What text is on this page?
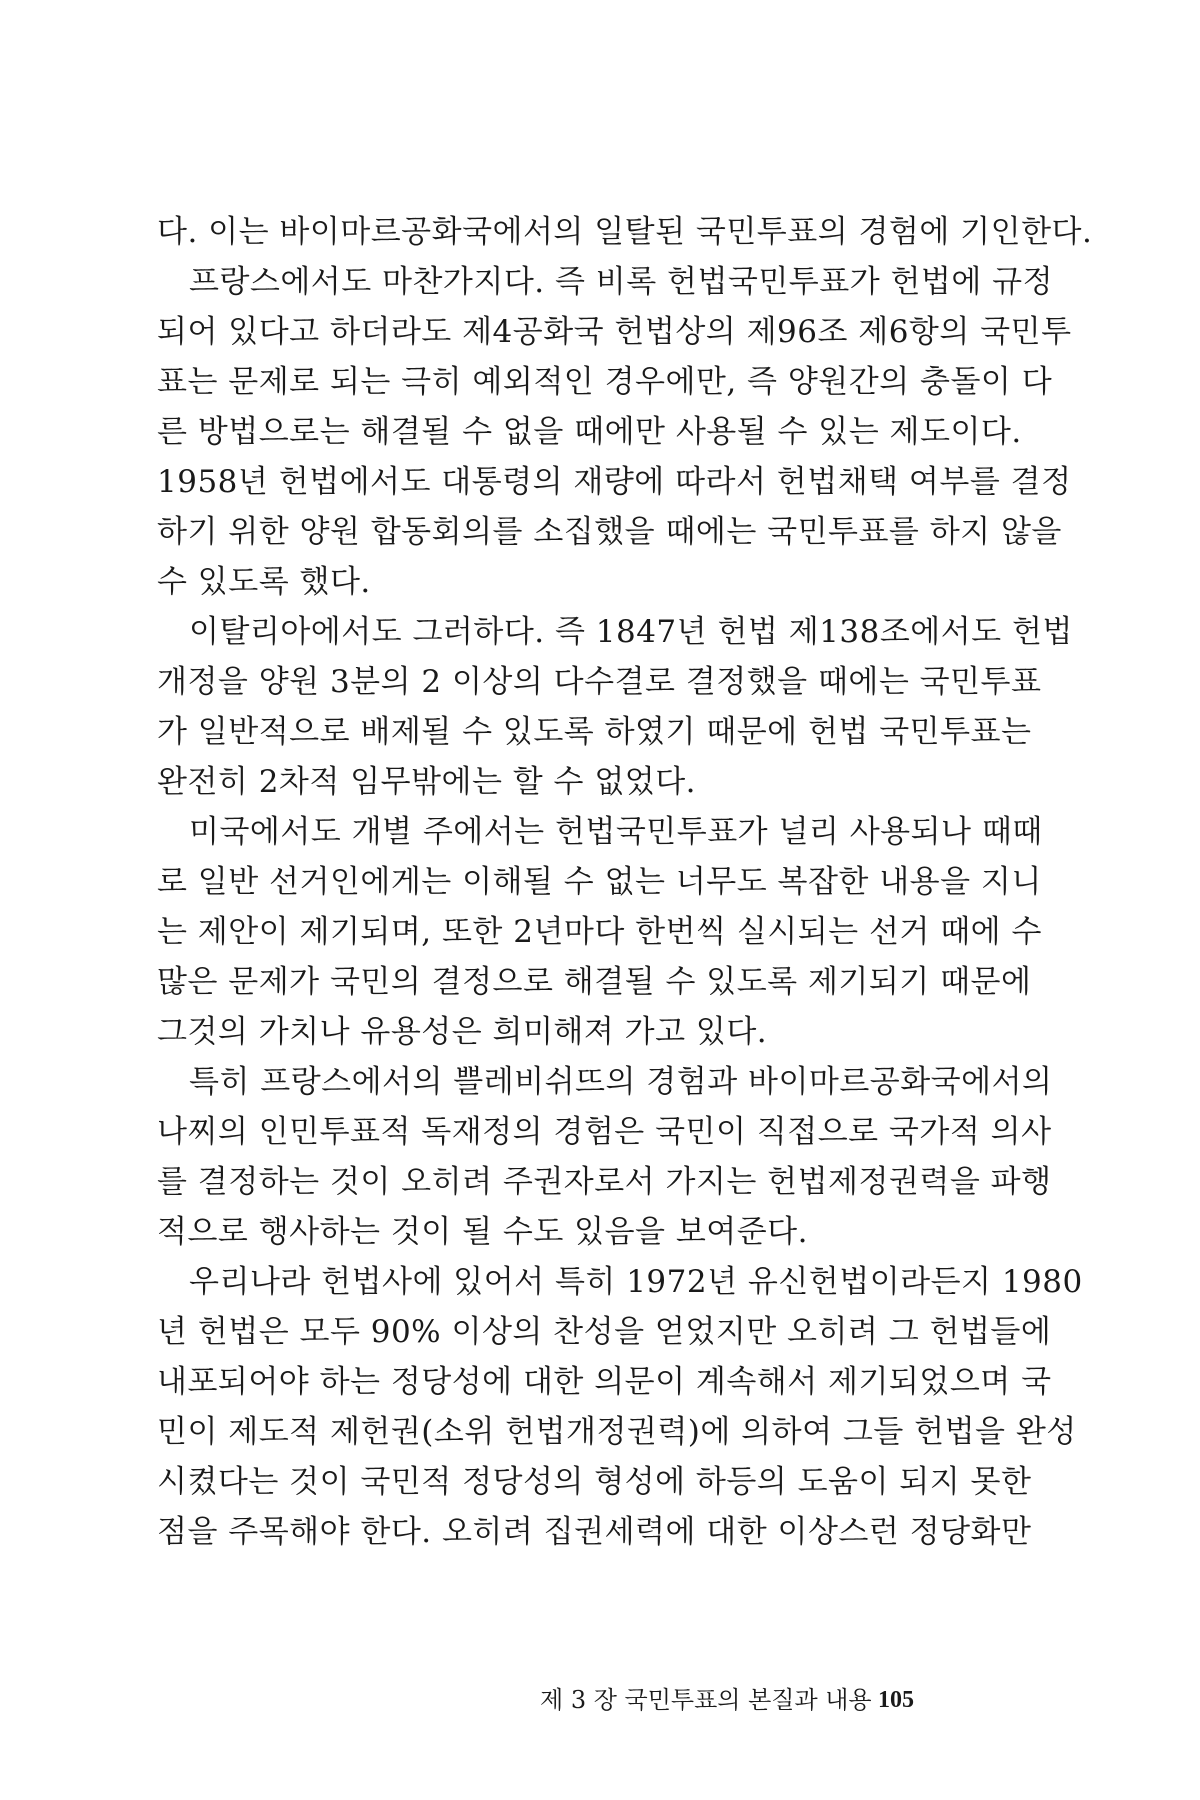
다. 이는 바이마르공화국에서의 일탈된 국민투표의 경험에 기인한다.
프랑스에서도 마찬가지다. 즉 비록 헌법국민투표가 헌법에 규정
되어 있다고 하더라도 제4공화국 헌법상의 제96조 제6항의 국민투
표는 문제로 되는 극히 예외적인 경우에만, 즉 양원간의 충돌이 다
른 방법으로는 해결될 수 없을 때에만 사용될 수 있는 제도이다.
1958년 헌법에서도 대통령의 재량에 따라서 헌법채택 여부를 결정
하기 위한 양원 합동회의를 소집했을 때에는 국민투표를 하지 않을
수 있도록 했다.
이탈리아에서도 그러하다. 즉 1847년 헌법 제138조에서도 헌법
개정을 양원 3분의 2 이상의 다수결로 결정했을 때에는 국민투표
가 일반적으로 배제될 수 있도록 하였기 때문에 헌법 국민투표는
완전히 2차적 임무밖에는 할 수 없었다.
미국에서도 개별 주에서는 헌법국민투표가 널리 사용되나 때때
로 일반 선거인에게는 이해될 수 없는 너무도 복잡한 내용을 지니
는 제안이 제기되며, 또한 2년마다 한번씩 실시되는 선거 때에 수
많은 문제가 국민의 결정으로 해결될 수 있도록 제기되기 때문에
그것의 가치나 유용성은 희미해져 가고 있다.
특히 프랑스에서의 쁠레비쉬뜨의 경험과 바이마르공화국에서의
나찌의 인민투표적 독재정의 경험은 국민이 직접으로 국가적 의사
를 결정하는 것이 오히려 주권자로서 가지는 헌법제정권력을 파행
적으로 행사하는 것이 될 수도 있음을 보여준다.
우리나라 헌법사에 있어서 특히 1972년 유신헌법이라든지 1980
년 헌법은 모두 90% 이상의 찬성을 얻었지만 오히려 그 헌법들에
내포되어야 하는 정당성에 대한 의문이 계속해서 제기되었으며 국
민이 제도적 제헌권(소위 헌법개정권력)에 의하여 그들 헌법을 완성
시켰다는 것이 국민적 정당성의 형성에 하등의 도움이 되지 못한
점을 주목해야 한다. 오히려 집권세력에 대한 이상스런 정당화만
제 3 장 국민투표의 본질과 내용 105
